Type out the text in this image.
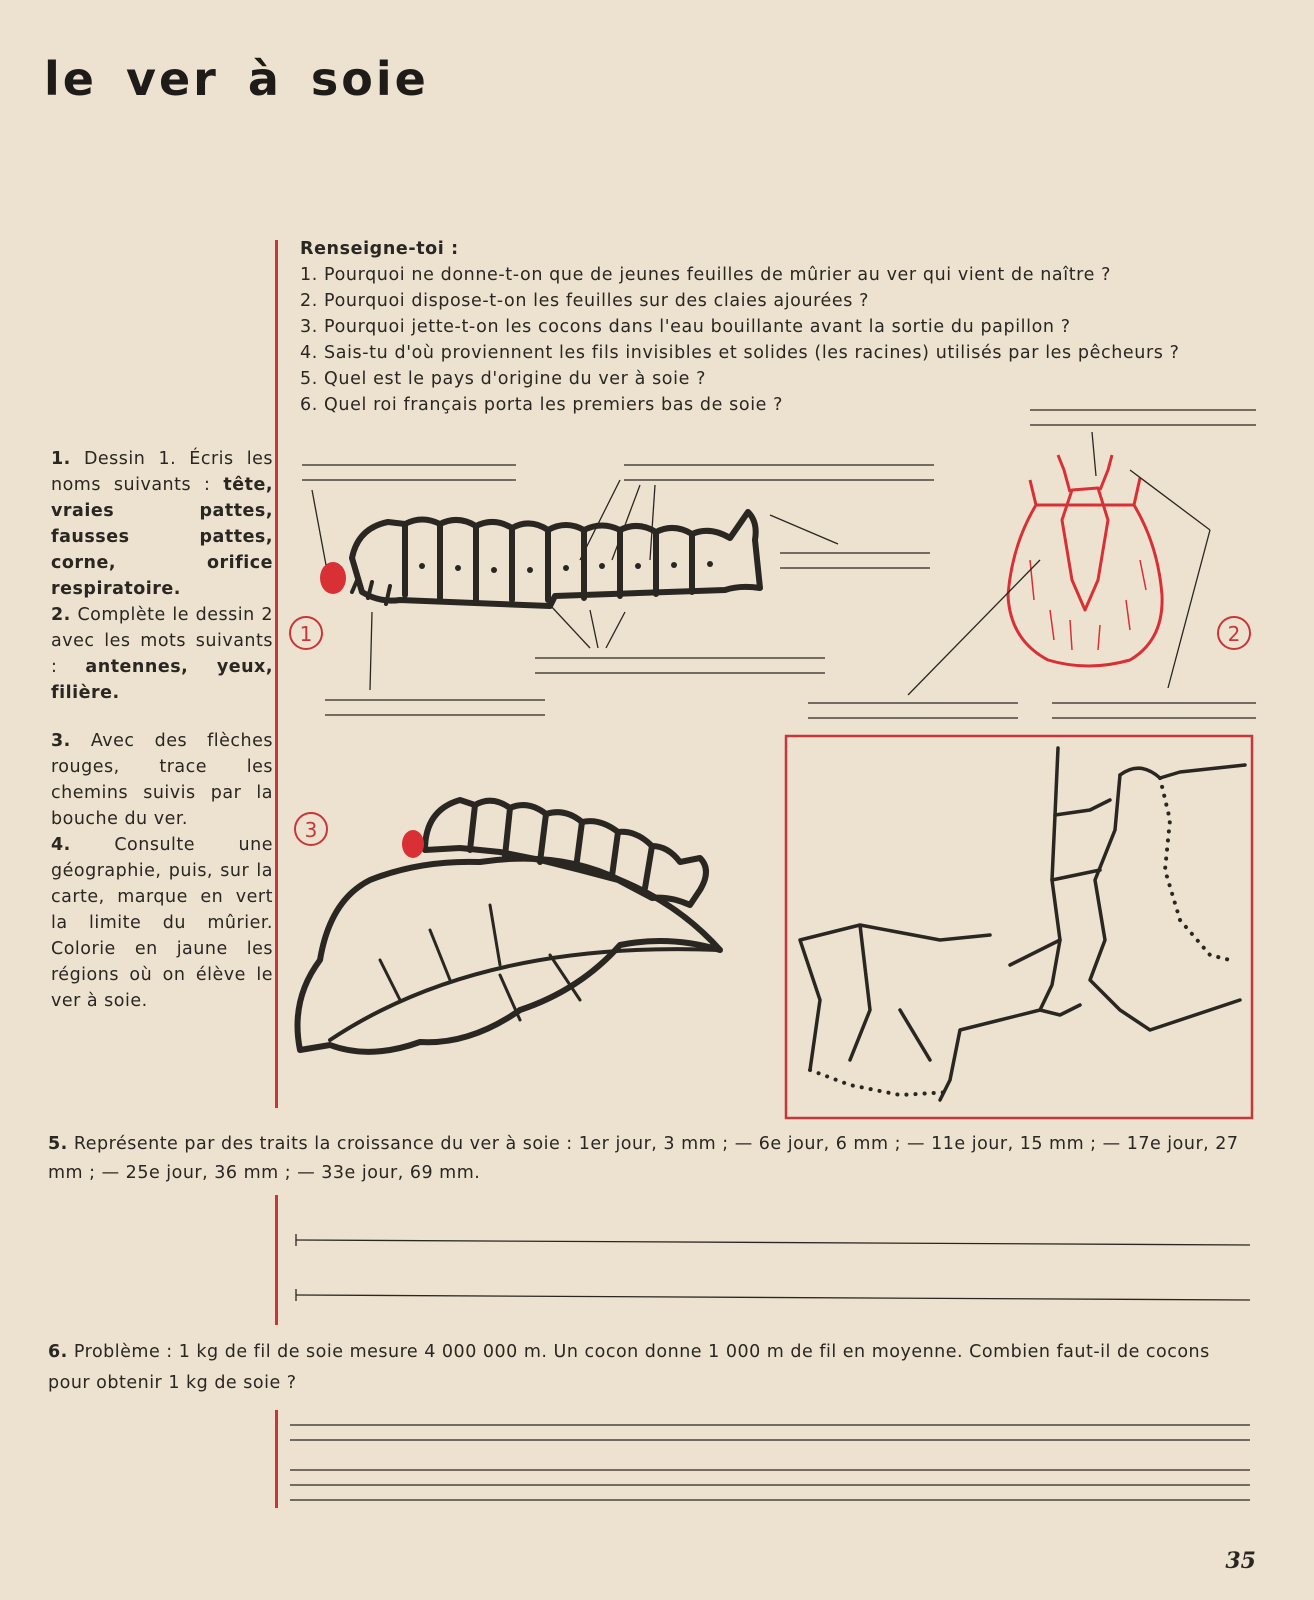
le ver à soie
Renseigne-toi :
1. Pourquoi ne donne-t-on que de jeunes feuilles de mûrier au ver qui vient de naître ?
2. Pourquoi dispose-t-on les feuilles sur des claies ajourées ?
3. Pourquoi jette-t-on les cocons dans l'eau bouillante avant la sortie du papillon ?
4. Sais-tu d'où proviennent les fils invisibles et solides (les racines) utilisés par les pêcheurs ?
5. Quel est le pays d'origine du ver à soie ?
6. Quel roi français porta les premiers bas de soie ?
1. Dessin 1. Écris les noms suivants : tête, vraies pattes, fausses pattes, corne, orifice respiratoire.
2. Complète le dessin 2 avec les mots suivants : antennes, yeux, filière.
3. Avec des flèches rouges, trace les chemins suivis par la bouche du ver.
4. Consulte une géographie, puis, sur la carte, marque en vert la limite du mûrier. Colorie en jaune les régions où on élève le ver à soie.
1	2
3
5. Représente par des traits la croissance du ver à soie : 1er jour, 3 mm ; — 6e jour, 6 mm ; — 11e jour, 15 mm ; — 17e jour, 27 mm ; — 25e jour, 36 mm ; — 33e jour, 69 mm.
6. Problème : 1 kg de fil de soie mesure 4 000 000 m. Un cocon donne 1 000 m de fil en moyenne. Combien faut-il de cocons pour obtenir 1 kg de soie ?
35
